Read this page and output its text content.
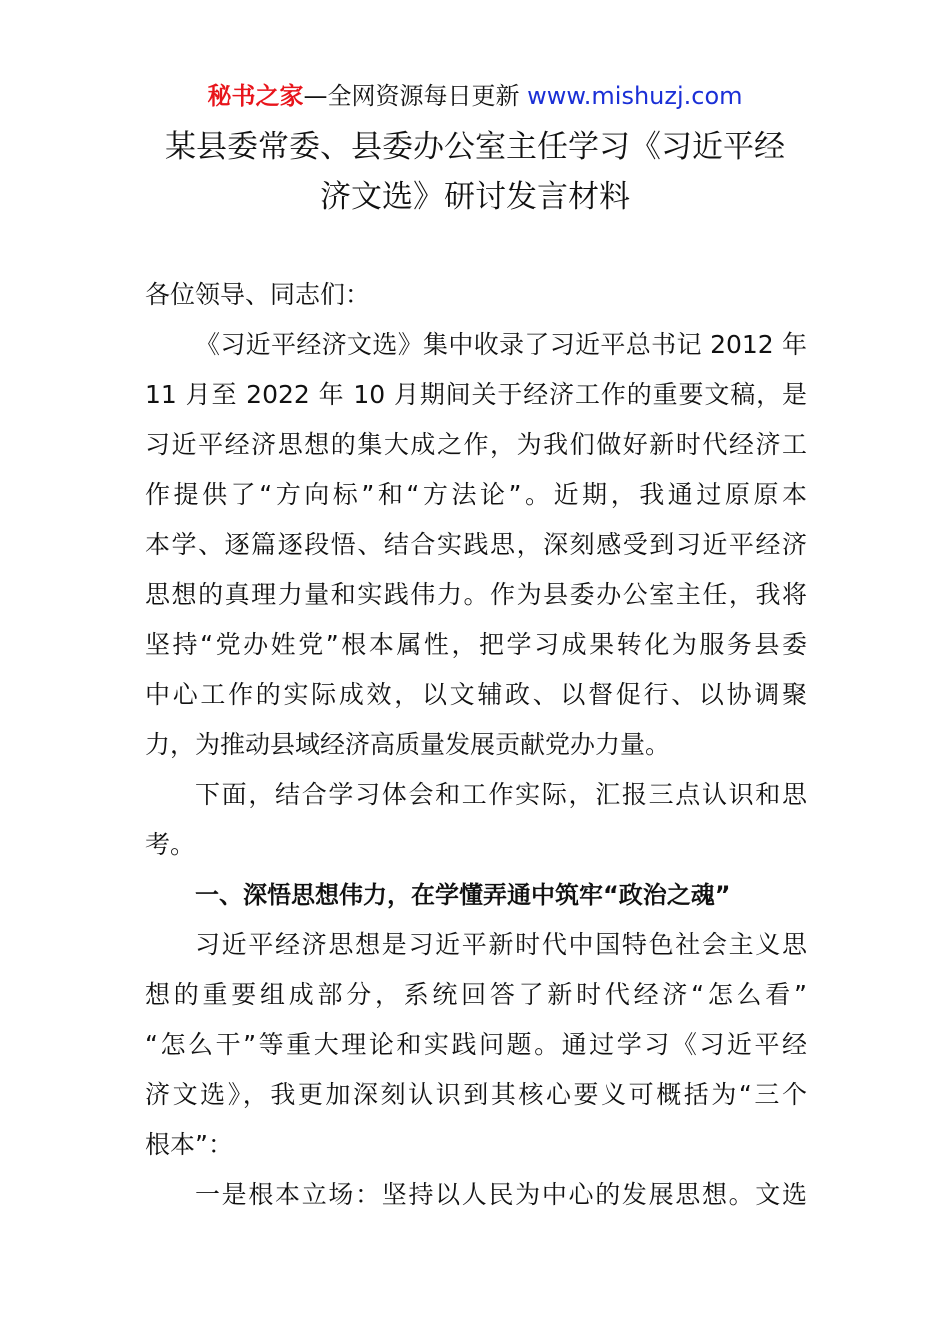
秘书之家—全网资源每日更新 www.mishuzj.com
某县委常委、县委办公室主任学习《习近平经
济文选》研讨发言材料
各位领导、同志们：
《习近平经济文选》集中收录了习近平总书记 2012 年
11 月至 2022 年 10 月期间关于经济工作的重要文稿，是
习近平经济思想的集大成之作，为我们做好新时代经济工
作提供了“方向标”和“方法论”。近期，我通过原原本
本学、逐篇逐段悟、结合实践思，深刻感受到习近平经济
思想的真理力量和实践伟力。作为县委办公室主任，我将
坚持“党办姓党”根本属性，把学习成果转化为服务县委
中心工作的实际成效，以文辅政、以督促行、以协调聚
力，为推动县域经济高质量发展贡献党办力量。
下面，结合学习体会和工作实际，汇报三点认识和思
考。
一、深悟思想伟力，在学懂弄通中筑牢“政治之魂”
习近平经济思想是习近平新时代中国特色社会主义思
想的重要组成部分，系统回答了新时代经济“怎么看”
“怎么干”等重大理论和实践问题。通过学习《习近平经
济文选》，我更加深刻认识到其核心要义可概括为“三个
根本”：
一是根本立场：坚持以人民为中心的发展思想。文选
